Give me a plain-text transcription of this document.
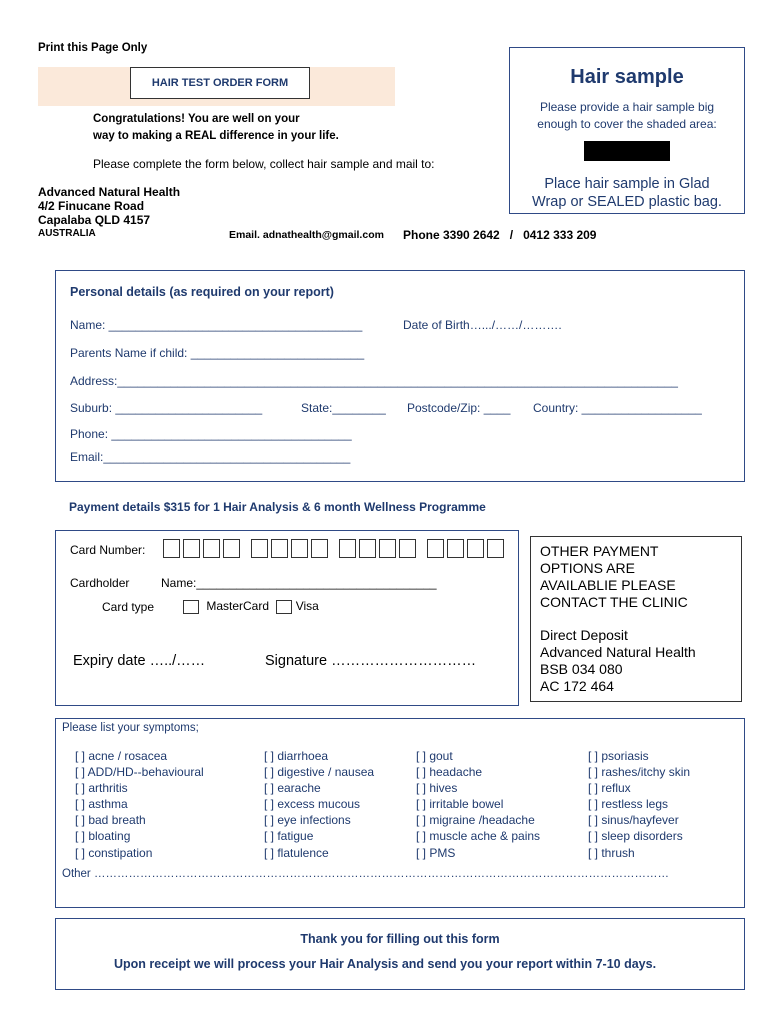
Print this Page Only
HAIR TEST ORDER FORM
Congratulations! You are well on your
way to making a REAL difference in your life.
Please complete the form below, collect hair sample and mail to:
Advanced Natural Health
4/2 Finucane Road
Capalaba QLD 4157
AUSTRALIA	Email. adnathealth@gmail.com Phone 3390 2642   /   0412 333 209
Hair sample
Please provide a hair sample big enough to cover the shaded area:
Place hair sample in Glad
Wrap or SEALED plastic bag.
Personal details (as required on your report)
Name: ______________________________________	Date of Birth….../……/……….
Parents Name if child: __________________________
Address:____________________________________________________________________________________
Suburb: ______________________	State:________ Postcode/Zip: ____ Country: __________________
Phone: ____________________________________
Email:_____________________________________
Payment details $315 for 1 Hair Analysis & 6 month Wellness Programme
Card Number:
Cardholder	Name:____________________________________
Card type	MasterCard Visa
Expiry date …../……	Signature …………………………
OTHER PAYMENT
OPTIONS ARE
AVAILABLIE PLEASE
CONTACT THE CLINIC
Direct Deposit
Advanced Natural Health
BSB 034 080
AC 172 464
Please list your symptoms;
[ ] acne / rosacea
[ ] ADD/HD--behavioural
[ ] arthritis
[ ] asthma
[ ] bad breath
[ ] bloating
[ ] constipation
[ ] diarrhoea
[ ] digestive / nausea
[ ] earache
[ ] excess mucous
[ ] eye infections
[ ] fatigue
[ ] flatulence
[ ] gout
[ ] headache
[ ] hives
[ ] irritable bowel
[ ] migraine /headache
[ ] muscle ache & pains
[ ] PMS
[ ] psoriasis
[ ] rashes/itchy skin
[ ] reflux
[ ] restless legs
[ ] sinus/hayfever
[ ] sleep disorders
[ ] thrush
Other ……………………………………………………………………………………………………………………………………
Thank you for filling out this form
Upon receipt we will process your Hair Analysis and send you your report within 7-10 days.
